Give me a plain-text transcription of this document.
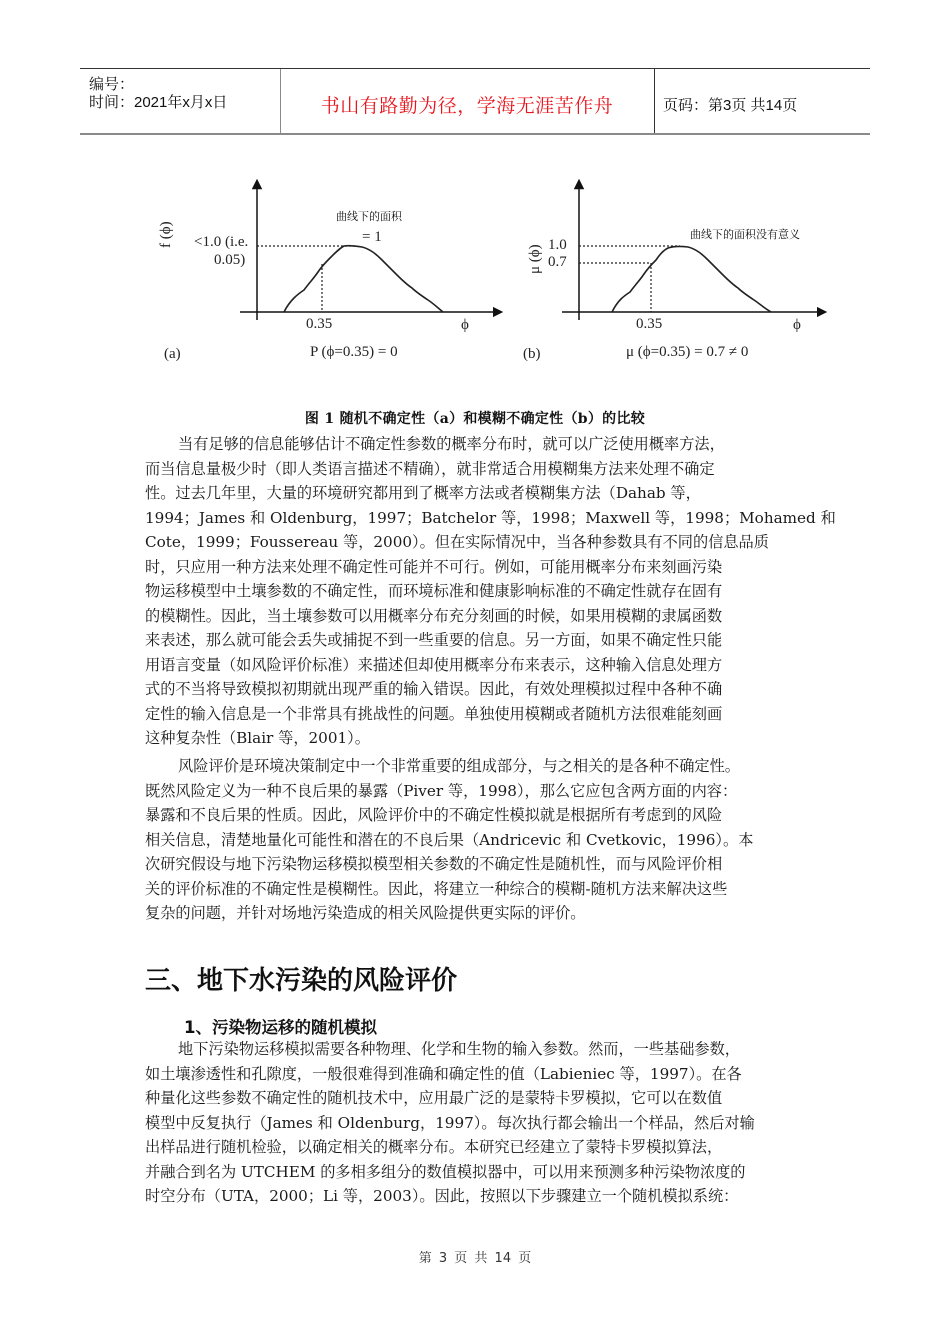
编号：
时间：2021年x月x日	书山有路勤为径，学海无涯苦作舟	页码：第3页 共14页
f (ϕ) <1.0 (i.e.
0.05)
曲线下的面积
= 1
0.35	ϕ
(a)	P (ϕ=0.35) = 0
μ (ϕ) 1.0
0.7
曲线下的面积没有意义
0.35	ϕ
(b)	μ (ϕ=0.35) = 0.7 ≠ 0
图 1 随机不确定性（a）和模糊不确定性（b）的比较
当有足够的信息能够估计不确定性参数的概率分布时，就可以广泛使用概率方法，
而当信息量极少时（即人类语言描述不精确），就非常适合用模糊集方法来处理不确定
性。过去几年里，大量的环境研究都用到了概率方法或者模糊集方法（Dahab 等，
1994；James 和 Oldenburg，1997；Batchelor 等，1998；Maxwell 等，1998；Mohamed 和
Cote，1999；Foussereau 等，2000）。但在实际情况中，当各种参数具有不同的信息品质
时，只应用一种方法来处理不确定性可能并不可行。例如，可能用概率分布来刻画污染
物运移模型中土壤参数的不确定性，而环境标准和健康影响标准的不确定性就存在固有
的模糊性。因此，当土壤参数可以用概率分布充分刻画的时候，如果用模糊的隶属函数
来表述，那么就可能会丢失或捕捉不到一些重要的信息。另一方面，如果不确定性只能
用语言变量（如风险评价标准）来描述但却使用概率分布来表示，这种输入信息处理方
式的不当将导致模拟初期就出现严重的输入错误。因此，有效处理模拟过程中各种不确
定性的输入信息是一个非常具有挑战性的问题。单独使用模糊或者随机方法很难能刻画
这种复杂性（Blair 等，2001）。
风险评价是环境决策制定中一个非常重要的组成部分，与之相关的是各种不确定性。
既然风险定义为一种不良后果的暴露（Piver 等，1998），那么它应包含两方面的内容：
暴露和不良后果的性质。因此，风险评价中的不确定性模拟就是根据所有考虑到的风险
相关信息，清楚地量化可能性和潜在的不良后果（Andricevic 和 Cvetkovic，1996）。本
次研究假设与地下污染物运移模拟模型相关参数的不确定性是随机性，而与风险评价相
关的评价标准的不确定性是模糊性。因此，将建立一种综合的模糊-随机方法来解决这些
复杂的问题，并针对场地污染造成的相关风险提供更实际的评价。
三、地下水污染的风险评价
1、污染物运移的随机模拟
地下污染物运移模拟需要各种物理、化学和生物的输入参数。然而，一些基础参数，
如土壤渗透性和孔隙度，一般很难得到准确和确定性的值（Labieniec 等，1997）。在各
种量化这些参数不确定性的随机技术中，应用最广泛的是蒙特卡罗模拟，它可以在数值
模型中反复执行（James 和 Oldenburg，1997）。每次执行都会输出一个样品，然后对输
出样品进行随机检验，以确定相关的概率分布。本研究已经建立了蒙特卡罗模拟算法，
并融合到名为 UTCHEM 的多相多组分的数值模拟器中，可以用来预测多种污染物浓度的
时空分布（UTA，2000；Li 等，2003）。因此，按照以下步骤建立一个随机模拟系统：
第 3 页 共 14 页
